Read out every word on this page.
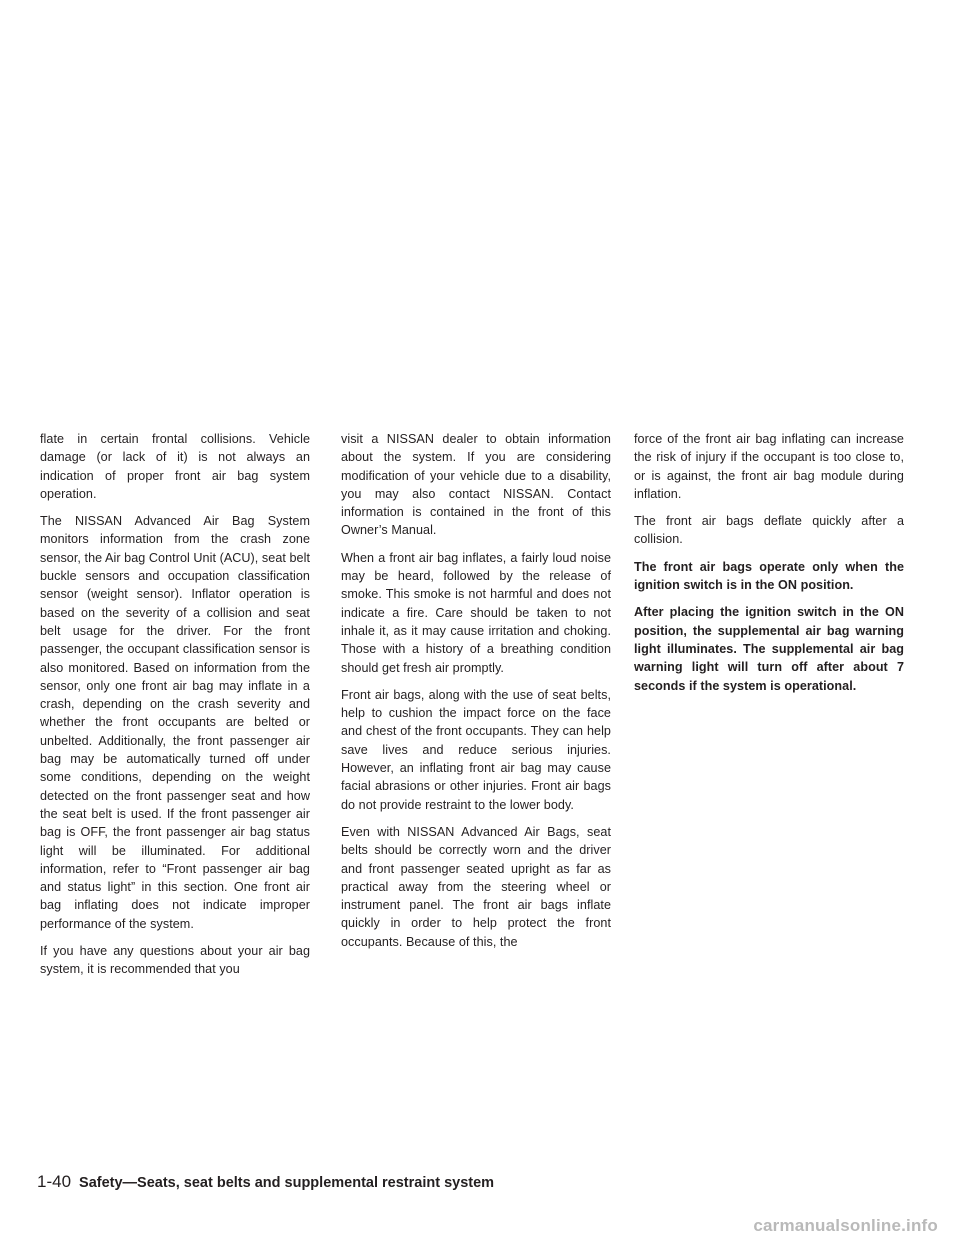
flate in certain frontal collisions. Vehicle damage (or lack of it) is not always an indication of proper front air bag system operation.

The NISSAN Advanced Air Bag System monitors information from the crash zone sensor, the Air bag Control Unit (ACU), seat belt buckle sensors and occupation classification sensor (weight sensor). Inflator operation is based on the severity of a collision and seat belt usage for the driver. For the front passenger, the occupant classification sensor is also monitored. Based on information from the sensor, only one front air bag may inflate in a crash, depending on the crash severity and whether the front occupants are belted or unbelted. Additionally, the front passenger air bag may be automatically turned off under some conditions, depending on the weight detected on the front passenger seat and how the seat belt is used. If the front passenger air bag is OFF, the front passenger air bag status light will be illuminated. For additional information, refer to “Front passenger air bag and status light” in this section. One front air bag inflating does not indicate improper performance of the system.

If you have any questions about your air bag system, it is recommended that you

visit a NISSAN dealer to obtain information about the system. If you are considering modification of your vehicle due to a disability, you may also contact NISSAN. Contact information is contained in the front of this Owner’s Manual.

When a front air bag inflates, a fairly loud noise may be heard, followed by the release of smoke. This smoke is not harmful and does not indicate a fire. Care should be taken to not inhale it, as it may cause irritation and choking. Those with a history of a breathing condition should get fresh air promptly.

Front air bags, along with the use of seat belts, help to cushion the impact force on the face and chest of the front occupants. They can help save lives and reduce serious injuries. However, an inflating front air bag may cause facial abrasions or other injuries. Front air bags do not provide restraint to the lower body.

Even with NISSAN Advanced Air Bags, seat belts should be correctly worn and the driver and front passenger seated upright as far as practical away from the steering wheel or instrument panel. The front air bags inflate quickly in order to help protect the front occupants. Because of this, the

force of the front air bag inflating can increase the risk of injury if the occupant is too close to, or is against, the front air bag module during inflation.

The front air bags deflate quickly after a collision.

The front air bags operate only when the ignition switch is in the ON position.

After placing the ignition switch in the ON position, the supplemental air bag warning light illuminates. The supplemental air bag warning light will turn off after about 7 seconds if the system is operational.

1-40 Safety—Seats, seat belts and supplemental restraint system
carmanualsonline.info
